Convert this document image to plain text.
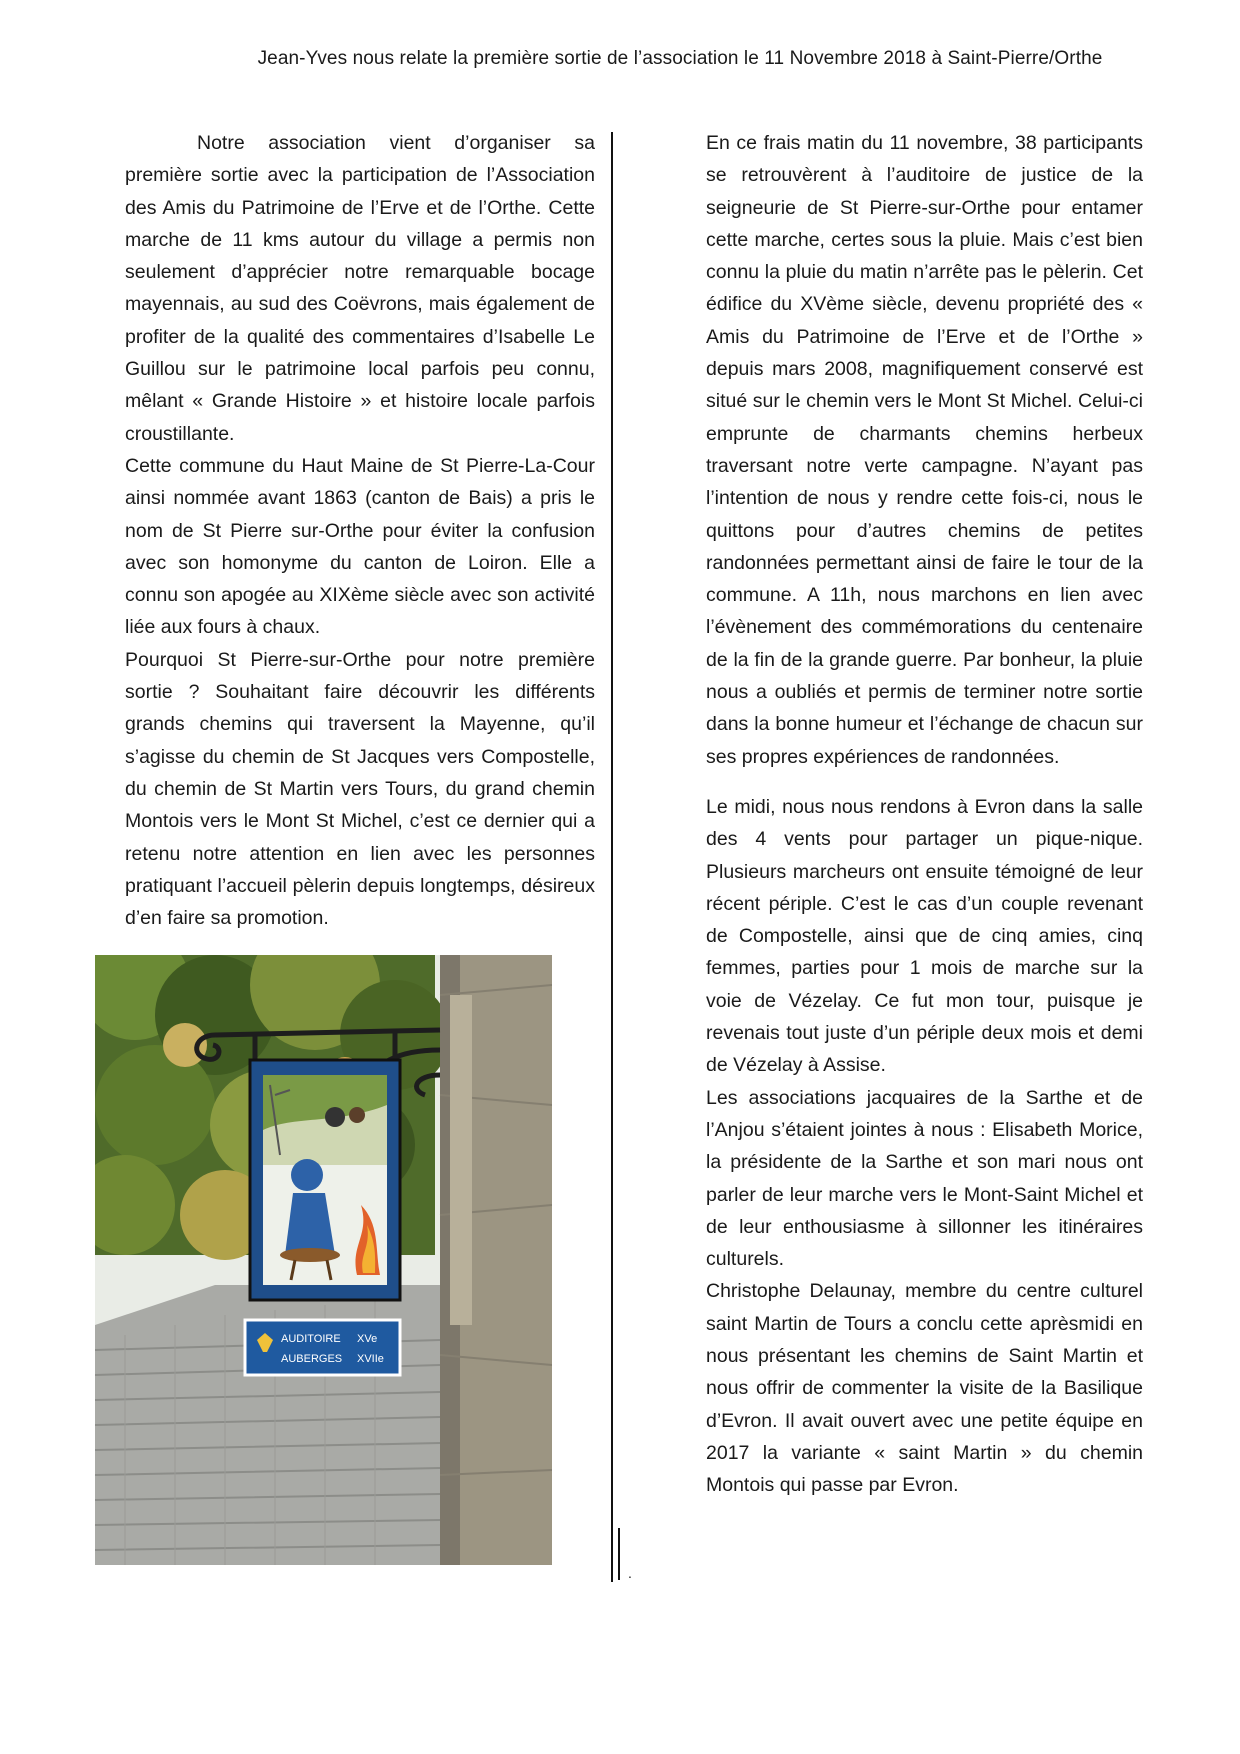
Jean-Yves nous relate la première sortie de l’association le 11 Novembre 2018 à Saint-Pierre/Orthe

Notre association vient d’organiser sa première sortie avec la participation de l’Association des Amis du Patrimoine de l’Erve et de l’Orthe. Cette marche de 11 kms autour du village a permis non seulement d’apprécier notre remarquable bocage mayennais, au sud des Coëvrons, mais également de profiter de la qualité des commentaires d’Isabelle Le Guillou sur le patrimoine local parfois peu connu, mêlant « Grande Histoire » et histoire locale parfois croustillante.

Cette commune du Haut Maine de St Pierre-La-Cour ainsi nommée avant 1863 (canton de Bais) a pris le nom de St Pierre sur-Orthe pour éviter la confusion avec son homonyme du canton de Loiron. Elle a connu son apogée au XIXème siècle avec son activité liée aux fours à chaux.

Pourquoi St Pierre-sur-Orthe pour notre première sortie ? Souhaitant faire découvrir les différents grands chemins qui traversent la Mayenne, qu’il s’agisse du chemin de St Jacques vers Compostelle, du chemin de St Martin vers Tours, du grand chemin Montois vers le Mont St Michel, c’est ce dernier qui a retenu notre attention en lien avec les personnes pratiquant l’accueil pèlerin depuis longtemps, désireux d’en faire sa promotion.

.

En ce frais matin du 11 novembre, 38 participants se retrouvèrent à l’auditoire de justice de la seigneurie de St Pierre-sur-Orthe pour entamer cette marche, certes sous la pluie. Mais c’est bien connu la pluie du matin n’arrête pas le pèlerin. Cet édifice du XVème siècle, devenu propriété des « Amis du Patrimoine de l’Erve et de l’Orthe » depuis mars 2008, magnifiquement conservé est situé sur le chemin vers le Mont St Michel. Celui-ci emprunte de charmants chemins herbeux traversant notre verte campagne. N’ayant pas l’intention de nous y rendre cette fois-ci, nous le quittons pour d’autres chemins de petites randonnées permettant ainsi de faire le tour de la commune. A 11h, nous marchons en lien avec l’évènement des commémorations du centenaire de la fin de la grande guerre. Par bonheur, la pluie nous a oubliés et permis de terminer notre sortie dans la bonne humeur et l’échange de chacun sur ses propres expériences de randonnées.

Le midi, nous nous rendons à Evron dans la salle des 4 vents pour partager un pique-nique. Plusieurs marcheurs ont ensuite témoigné de leur récent périple. C’est le cas d’un couple revenant de Compostelle, ainsi que de cinq amies, cinq femmes, parties pour 1 mois de marche sur la voie de Vézelay. Ce fut mon tour, puisque je revenais tout juste d’un périple deux mois et demi de Vézelay à Assise.

Les associations jacquaires de la Sarthe et de l’Anjou s’étaient jointes à nous : Elisabeth Morice, la présidente de la Sarthe et son mari nous ont parler de leur marche vers le Mont-Saint Michel et de leur enthousiasme à sillonner les itinéraires culturels.

Christophe Delaunay, membre du centre culturel saint Martin de Tours a conclu cette aprèsmidi en nous présentant les chemins de Saint Martin et nous offrir de commenter la visite de la Basilique d’Evron. Il avait ouvert avec une petite équipe en 2017 la variante « saint Martin » du chemin Montois qui passe par Evron.

AUDITOIRE XVe
AUBERGES XVIIe
